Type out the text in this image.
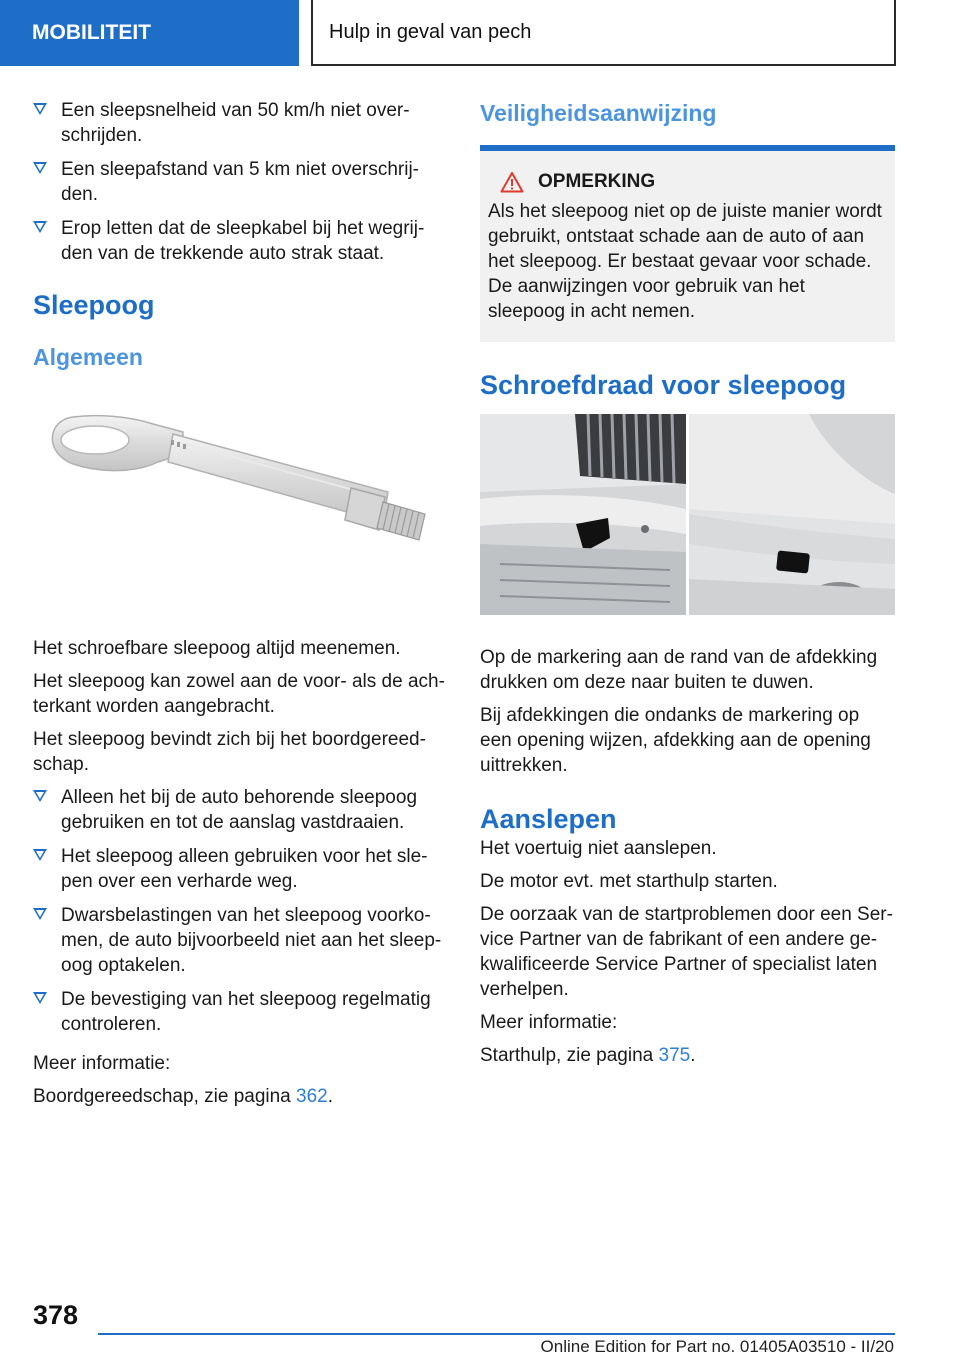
MOBILITEIT	Hulp in geval van pech
Een sleepsnelheid van 50 km/h niet over-schrijden.
Een sleepafstand van 5 km niet overschrij-den.
Erop letten dat de sleepkabel bij het wegrij-den van de trekkende auto strak staat.
Sleepoog
Algemeen

Het schroefbare sleepoog altijd meenemen.

Het sleepoog kan zowel aan de voor- als de ach-terkant worden aangebracht.

Het sleepoog bevindt zich bij het boordgereed-schap.

Alleen het bij de auto behorende sleepoog gebruiken en tot de aanslag vastdraaien.
Het sleepoog alleen gebruiken voor het sle-pen over een verharde weg.
Dwarsbelastingen van het sleepoog voorko-men, de auto bijvoorbeeld niet aan het sleep-oog optakelen.
De bevestiging van het sleepoog regelmatig controleren.

Meer informatie:

Boordgereedschap, zie pagina 362.

Veiligheidsaanwijzing
OPMERKING

Als het sleepoog niet op de juiste manier wordt gebruikt, ontstaat schade aan de auto of aan het sleepoog. Er bestaat gevaar voor schade. De aanwijzingen voor gebruik van het sleepoog in acht nemen.

Schroefdraad voor sleepoog

Op de markering aan de rand van de afdekking drukken om deze naar buiten te duwen.

Bij afdekkingen die ondanks de markering op een opening wijzen, afdekking aan de opening uittrekken.

Aanslepen

Het voertuig niet aanslepen.

De motor evt. met starthulp starten.

De oorzaak van de startproblemen door een Ser-vice Partner van de fabrikant of een andere ge-kwalificeerde Service Partner of specialist laten verhelpen.

Meer informatie:

Starthulp, zie pagina 375.

378
Online Edition for Part no. 01405A03510 - II/20
